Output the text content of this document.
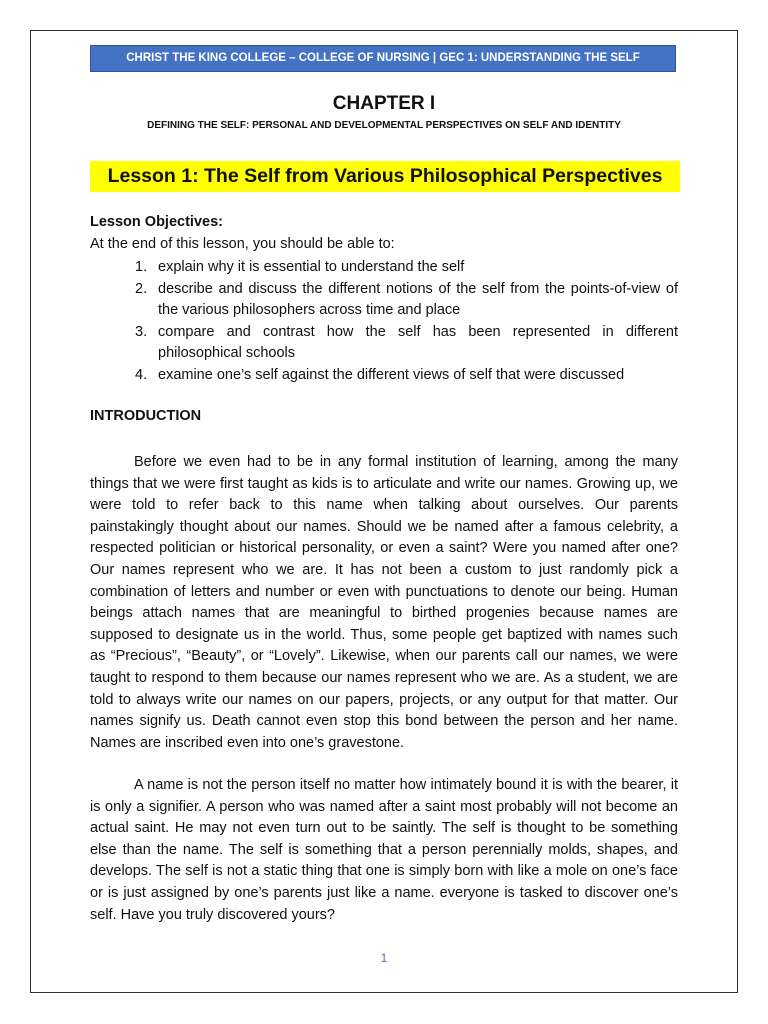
CHRIST THE KING COLLEGE – COLLEGE OF NURSING | GEC 1: UNDERSTANDING THE SELF
CHAPTER I
DEFINING THE SELF: PERSONAL AND DEVELOPMENTAL PERSPECTIVES ON SELF AND IDENTITY
Lesson 1: The Self from Various Philosophical Perspectives
Lesson Objectives:
At the end of this lesson, you should be able to:
1. explain why it is essential to understand the self
2. describe and discuss the different notions of the self from the points-of-view of the various philosophers across time and place
3. compare and contrast how the self has been represented in different philosophical schools
4. examine one’s self against the different views of self that were discussed
INTRODUCTION

Before we even had to be in any formal institution of learning, among the many things that we were first taught as kids is to articulate and write our names. Growing up, we were told to refer back to this name when talking about ourselves. Our parents painstakingly thought about our names. Should we be named after a famous celebrity, a respected politician or historical personality, or even a saint? Were you named after one? Our names represent who we are. It has not been a custom to just randomly pick a combination of letters and number or even with punctuations to denote our being. Human beings attach names that are meaningful to birthed progenies because names are supposed to designate us in the world. Thus, some people get baptized with names such as “Precious”, “Beauty”, or “Lovely”. Likewise, when our parents call our names, we were taught to respond to them because our names represent who we are. As a student, we are told to always write our names on our papers, projects, or any output for that matter. Our names signify us. Death cannot even stop this bond between the person and her name. Names are inscribed even into one’s gravestone.

A name is not the person itself no matter how intimately bound it is with the bearer, it is only a signifier. A person who was named after a saint most probably will not become an actual saint. He may not even turn out to be saintly. The self is thought to be something else than the name. The self is something that a person perennially molds, shapes, and develops. The self is not a static thing that one is simply born with like a mole on one’s face or is just assigned by one’s parents just like a name. everyone is tasked to discover one’s self. Have you truly discovered yours?

1
